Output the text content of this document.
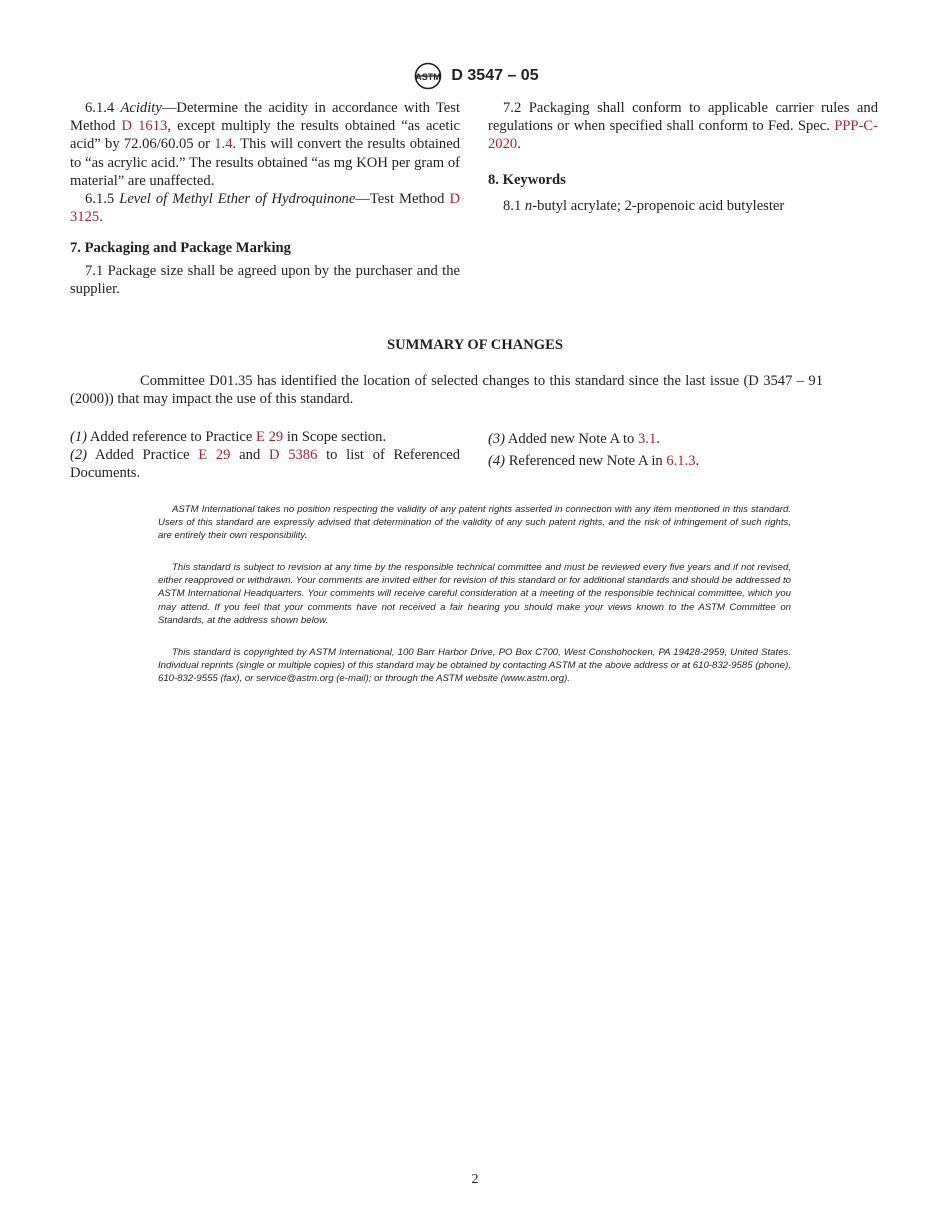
ASTM D 3547 – 05

6.1.4 Acidity—Determine the acidity in accordance with Test Method D 1613, except multiply the results obtained “as acetic acid” by 72.06/60.05 or 1.4. This will convert the results obtained to “as acrylic acid.” The results obtained “as mg KOH per gram of material” are unaffected.

6.1.5 Level of Methyl Ether of Hydroquinone—Test Method D 3125.

7. Packaging and Package Marking

7.1 Package size shall be agreed upon by the purchaser and the supplier.

7.2 Packaging shall conform to applicable carrier rules and regulations or when specified shall conform to Fed. Spec. PPP-C-2020.

8. Keywords

8.1 n-butyl acrylate; 2-propenoic acid butylester

SUMMARY OF CHANGES
Committee D01.35 has identified the location of selected changes to this standard since the last issue (D 3547 – 91 (2000)) that may impact the use of this standard.

(1) Added reference to Practice E 29 in Scope section.

(2) Added Practice E 29 and D 5386 to list of Referenced Documents.

(3) Added new Note A to 3.1.

(4) Referenced new Note A in 6.1.3.

ASTM International takes no position respecting the validity of any patent rights asserted in connection with any item mentioned in this standard. Users of this standard are expressly advised that determination of the validity of any such patent rights, and the risk of infringement of such rights, are entirely their own responsibility.
This standard is subject to revision at any time by the responsible technical committee and must be reviewed every five years and if not revised, either reapproved or withdrawn. Your comments are invited either for revision of this standard or for additional standards and should be addressed to ASTM International Headquarters. Your comments will receive careful consideration at a meeting of the responsible technical committee, which you may attend. If you feel that your comments have not received a fair hearing you should make your views known to the ASTM Committee on Standards, at the address shown below.
This standard is copyrighted by ASTM International, 100 Barr Harbor Drive, PO Box C700, West Conshohocken, PA 19428-2959, United States. Individual reprints (single or multiple copies) of this standard may be obtained by contacting ASTM at the above address or at 610-832-9585 (phone), 610-832-9555 (fax), or service@astm.org (e-mail); or through the ASTM website (www.astm.org).
2
